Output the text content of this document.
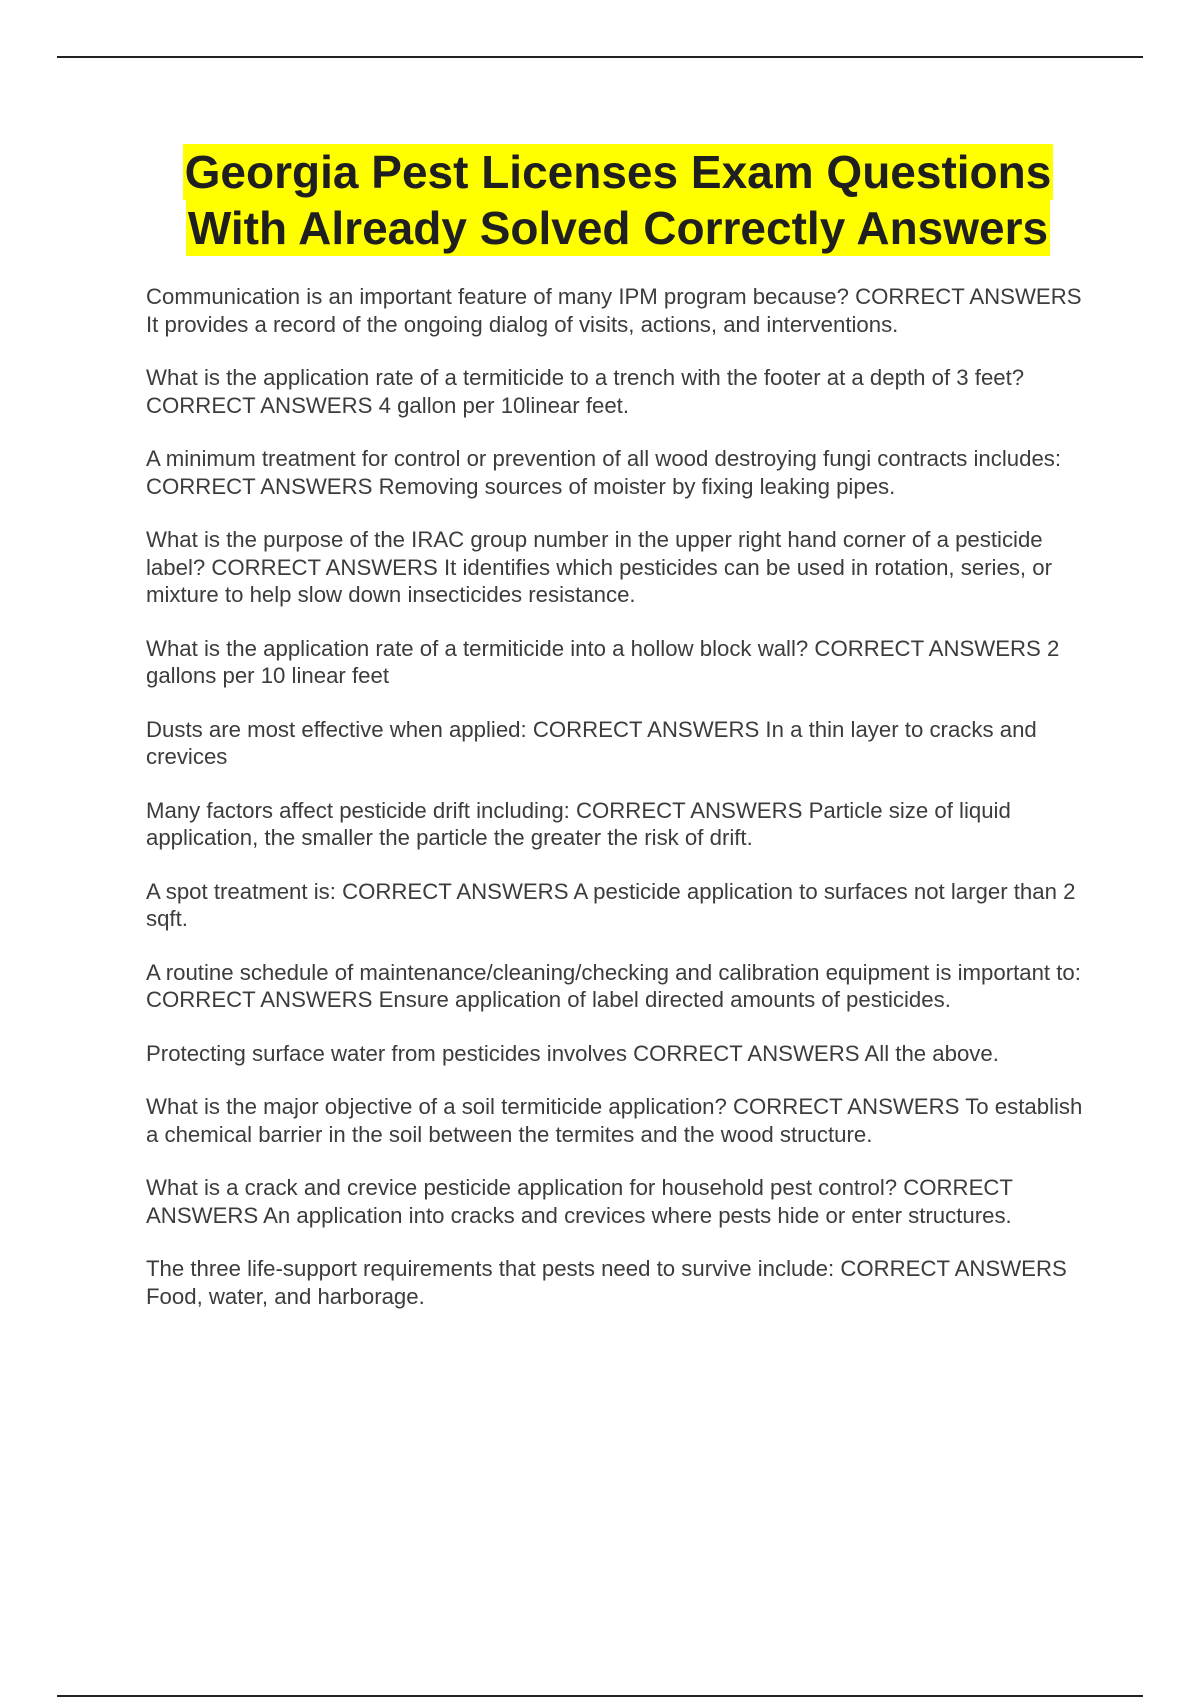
Georgia Pest Licenses Exam Questions
With Already Solved Correctly Answers

Communication is an important feature of many IPM program because? CORRECT ANSWERS It provides a record of the ongoing dialog of visits, actions, and interventions.

What is the application rate of a termiticide to a trench with the footer at a depth of 3 feet? CORRECT ANSWERS 4 gallon per 10linear feet.

A minimum treatment for control or prevention of all wood destroying fungi contracts includes: CORRECT ANSWERS Removing sources of moister by fixing leaking pipes.

What is the purpose of the IRAC group number in the upper right hand corner of a pesticide label? CORRECT ANSWERS It identifies which pesticides can be used in rotation, series, or mixture to help slow down insecticides resistance.

What is the application rate of a termiticide into a hollow block wall? CORRECT ANSWERS 2 gallons per 10 linear feet

Dusts are most effective when applied: CORRECT ANSWERS In a thin layer to cracks and crevices

Many factors affect pesticide drift including: CORRECT ANSWERS Particle size of liquid application, the smaller the particle the greater the risk of drift.

A spot treatment is: CORRECT ANSWERS A pesticide application to surfaces not larger than 2 sqft.

A routine schedule of maintenance/cleaning/checking and calibration equipment is important to: CORRECT ANSWERS Ensure application of label directed amounts of pesticides.

Protecting surface water from pesticides involves CORRECT ANSWERS All the above.

What is the major objective of a soil termiticide application? CORRECT ANSWERS To establish a chemical barrier in the soil between the termites and the wood structure.

What is a crack and crevice pesticide application for household pest control? CORRECT ANSWERS An application into cracks and crevices where pests hide or enter structures.

The three life-support requirements that pests need to survive include: CORRECT ANSWERS Food, water, and harborage.
